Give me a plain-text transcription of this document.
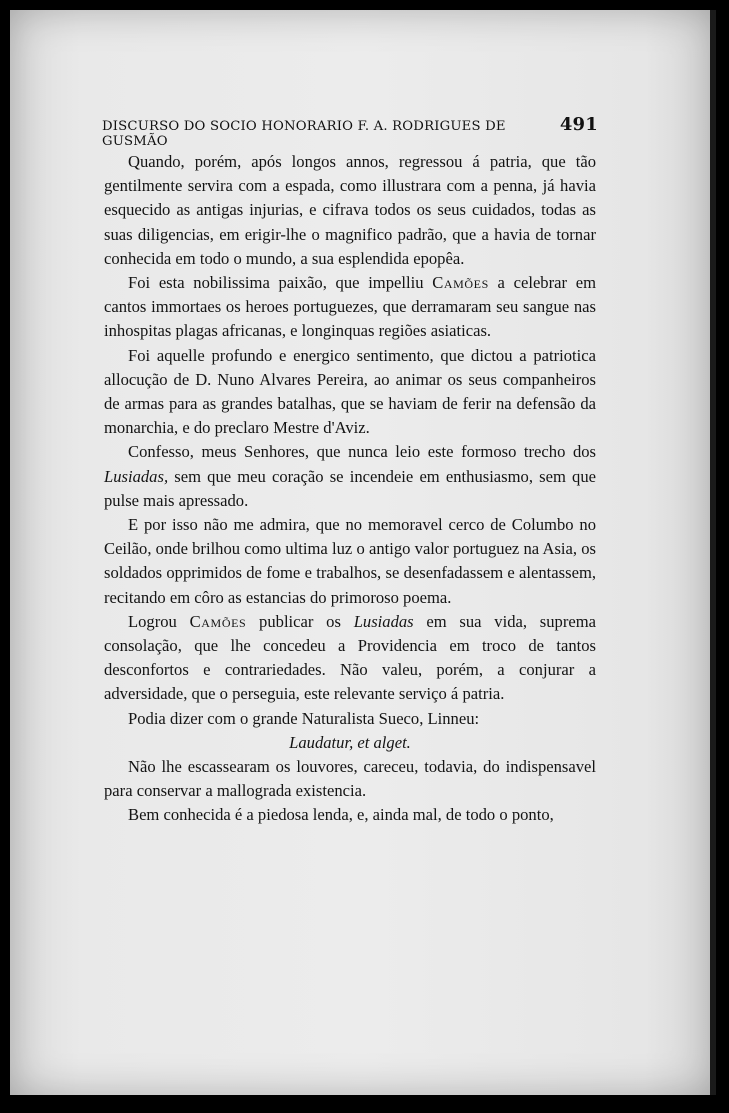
DISCURSO DO SOCIO HONORARIO F. A. RODRIGUES DE GUSMÃO
491

Quando, porém, após longos annos, regressou á patria, que tão gentilmente servira com a espada, como illustrara com a penna, já havia esquecido as antigas injurias, e cifrava todos os seus cuidados, todas as suas diligencias, em erigir-lhe o magnifico padrão, que a havia de tornar conhecida em todo o mundo, a sua esplendida epopêa.

Foi esta nobilissima paixão, que impelliu Camões a celebrar em cantos immortaes os heroes portuguezes, que derramaram seu sangue nas inhospitas plagas africanas, e longinquas regiões asiaticas.

Foi aquelle profundo e energico sentimento, que dictou a patriotica allocução de D. Nuno Alvares Pereira, ao animar os seus companheiros de armas para as grandes batalhas, que se haviam de ferir na defensão da monarchia, e do preclaro Mestre d'Aviz.

Confesso, meus Senhores, que nunca leio este formoso trecho dos Lusiadas, sem que meu coração se incendeie em enthusiasmo, sem que pulse mais apressado.

E por isso não me admira, que no memoravel cerco de Columbo no Ceilão, onde brilhou como ultima luz o antigo valor portuguez na Asia, os soldados opprimidos de fome e trabalhos, se desenfadassem e alentassem, recitando em côro as estancias do primoroso poema.

Logrou Camões publicar os Lusiadas em sua vida, suprema consolação, que lhe concedeu a Providencia em troco de tantos desconfortos e contrariedades. Não valeu, porém, a conjurar a adversidade, que o perseguia, este relevante serviço á patria.

Podia dizer com o grande Naturalista Sueco, Linneu:

Laudatur, et alget.

Não lhe escassearam os louvores, careceu, todavia, do indispensavel para conservar a mallograda existencia.

Bem conhecida é a piedosa lenda, e, ainda mal, de todo o ponto,
